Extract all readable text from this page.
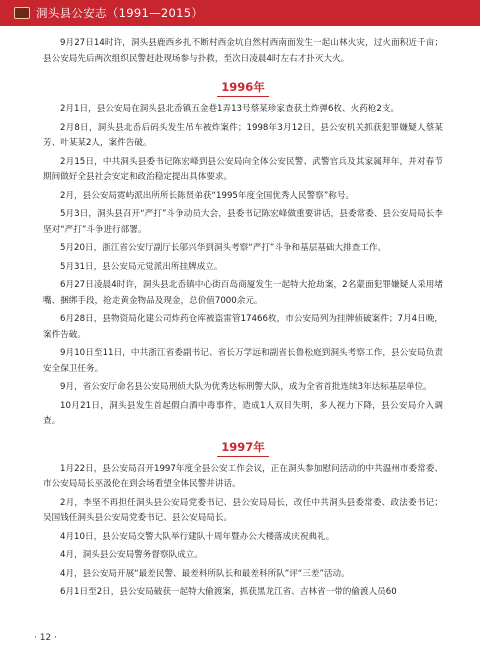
洞头县公安志（1991—2015）

9月27日14时许，洞头县鹿西乡扎不断村西金坑自然村西南面发生一起山林火灾，过火面积近千亩；县公安局先后两次组织民警赶赴现场参与扑救，至次日凌晨4时左右才扑灭大火。

1996年

2月1日，县公安局在洞头县北岙镇五金巷1弄13号蔡某珍家查获土炸弹6枚、火药枪2支。

2月8日，洞头县北岙后码头发生吊车被炸案件；1998年3月12日，县公安机关抓获犯罪嫌疑人蔡某芳、叶某某2人，案件告破。

2月15日，中共洞头县委书记陈宏峰到县公安局向全体公安民警、武警官兵及其家属拜年，并对春节期间做好全县社会安定和政治稳定提出具体要求。

2月，县公安局霓屿派出所所长陈贤弟获“1995年度全国优秀人民警察”称号。

5月3日，洞头县召开“严打”斗争动员大会，县委书记陈宏峰做重要讲话，县委常委、县公安局局长李坚对“严打”斗争进行部署。

5月20日，浙江省公安厅副厅长邬兴华到洞头考察“严打”斗争和基层基础大排查工作。

5月31日，县公安局元觉派出所挂牌成立。

6月27日凌晨4时许，洞头县北岙镇中心街百岛商厦发生一起特大抢劫案，2名蒙面犯罪嫌疑人采用堵嘴、捆绑手段，抢走黄金物品及现金，总价值7000余元。

6月28日，县物资局化建公司炸药仓库被盗雷管17466枚，市公安局列为挂牌侦破案件；7月4日晚，案件告破。

9月10日至11日，中共浙江省委副书记、省长万学远和副省长鲁松庭到洞头考察工作，县公安局负责安全保卫任务。

9月，省公安厅命名县公安局刑侦大队为优秀达标刑警大队，成为全省首批连续3年达标基层单位。

10月21日，洞头县发生首起假白酒中毒事件，造成1人双目失明，多人视力下降，县公安局介入调查。

1997年

1月22日，县公安局召开1997年度全县公安工作会议，正在洞头参加慰问活动的中共温州市委常委、市公安局局长巫汲伦在到会场看望全体民警并讲话。

2月，李坚不再担任洞头县公安局党委书记、县公安局局长，改任中共洞头县委常委、政法委书记；吴国钱任洞头县公安局党委书记、县公安局局长。

4月10日，县公安局交警大队举行建队十周年暨办公大楼落成庆祝典礼。

4月，洞头县公安局警务督察队成立。

4月，县公安局开展“最差民警、最差科所队长和最差科所队”评“三差”活动。

6月1日至2日，县公安局破获一起特大偷渡案，抓获黑龙江省、吉林省一带的偷渡人员60

· 12 ·
